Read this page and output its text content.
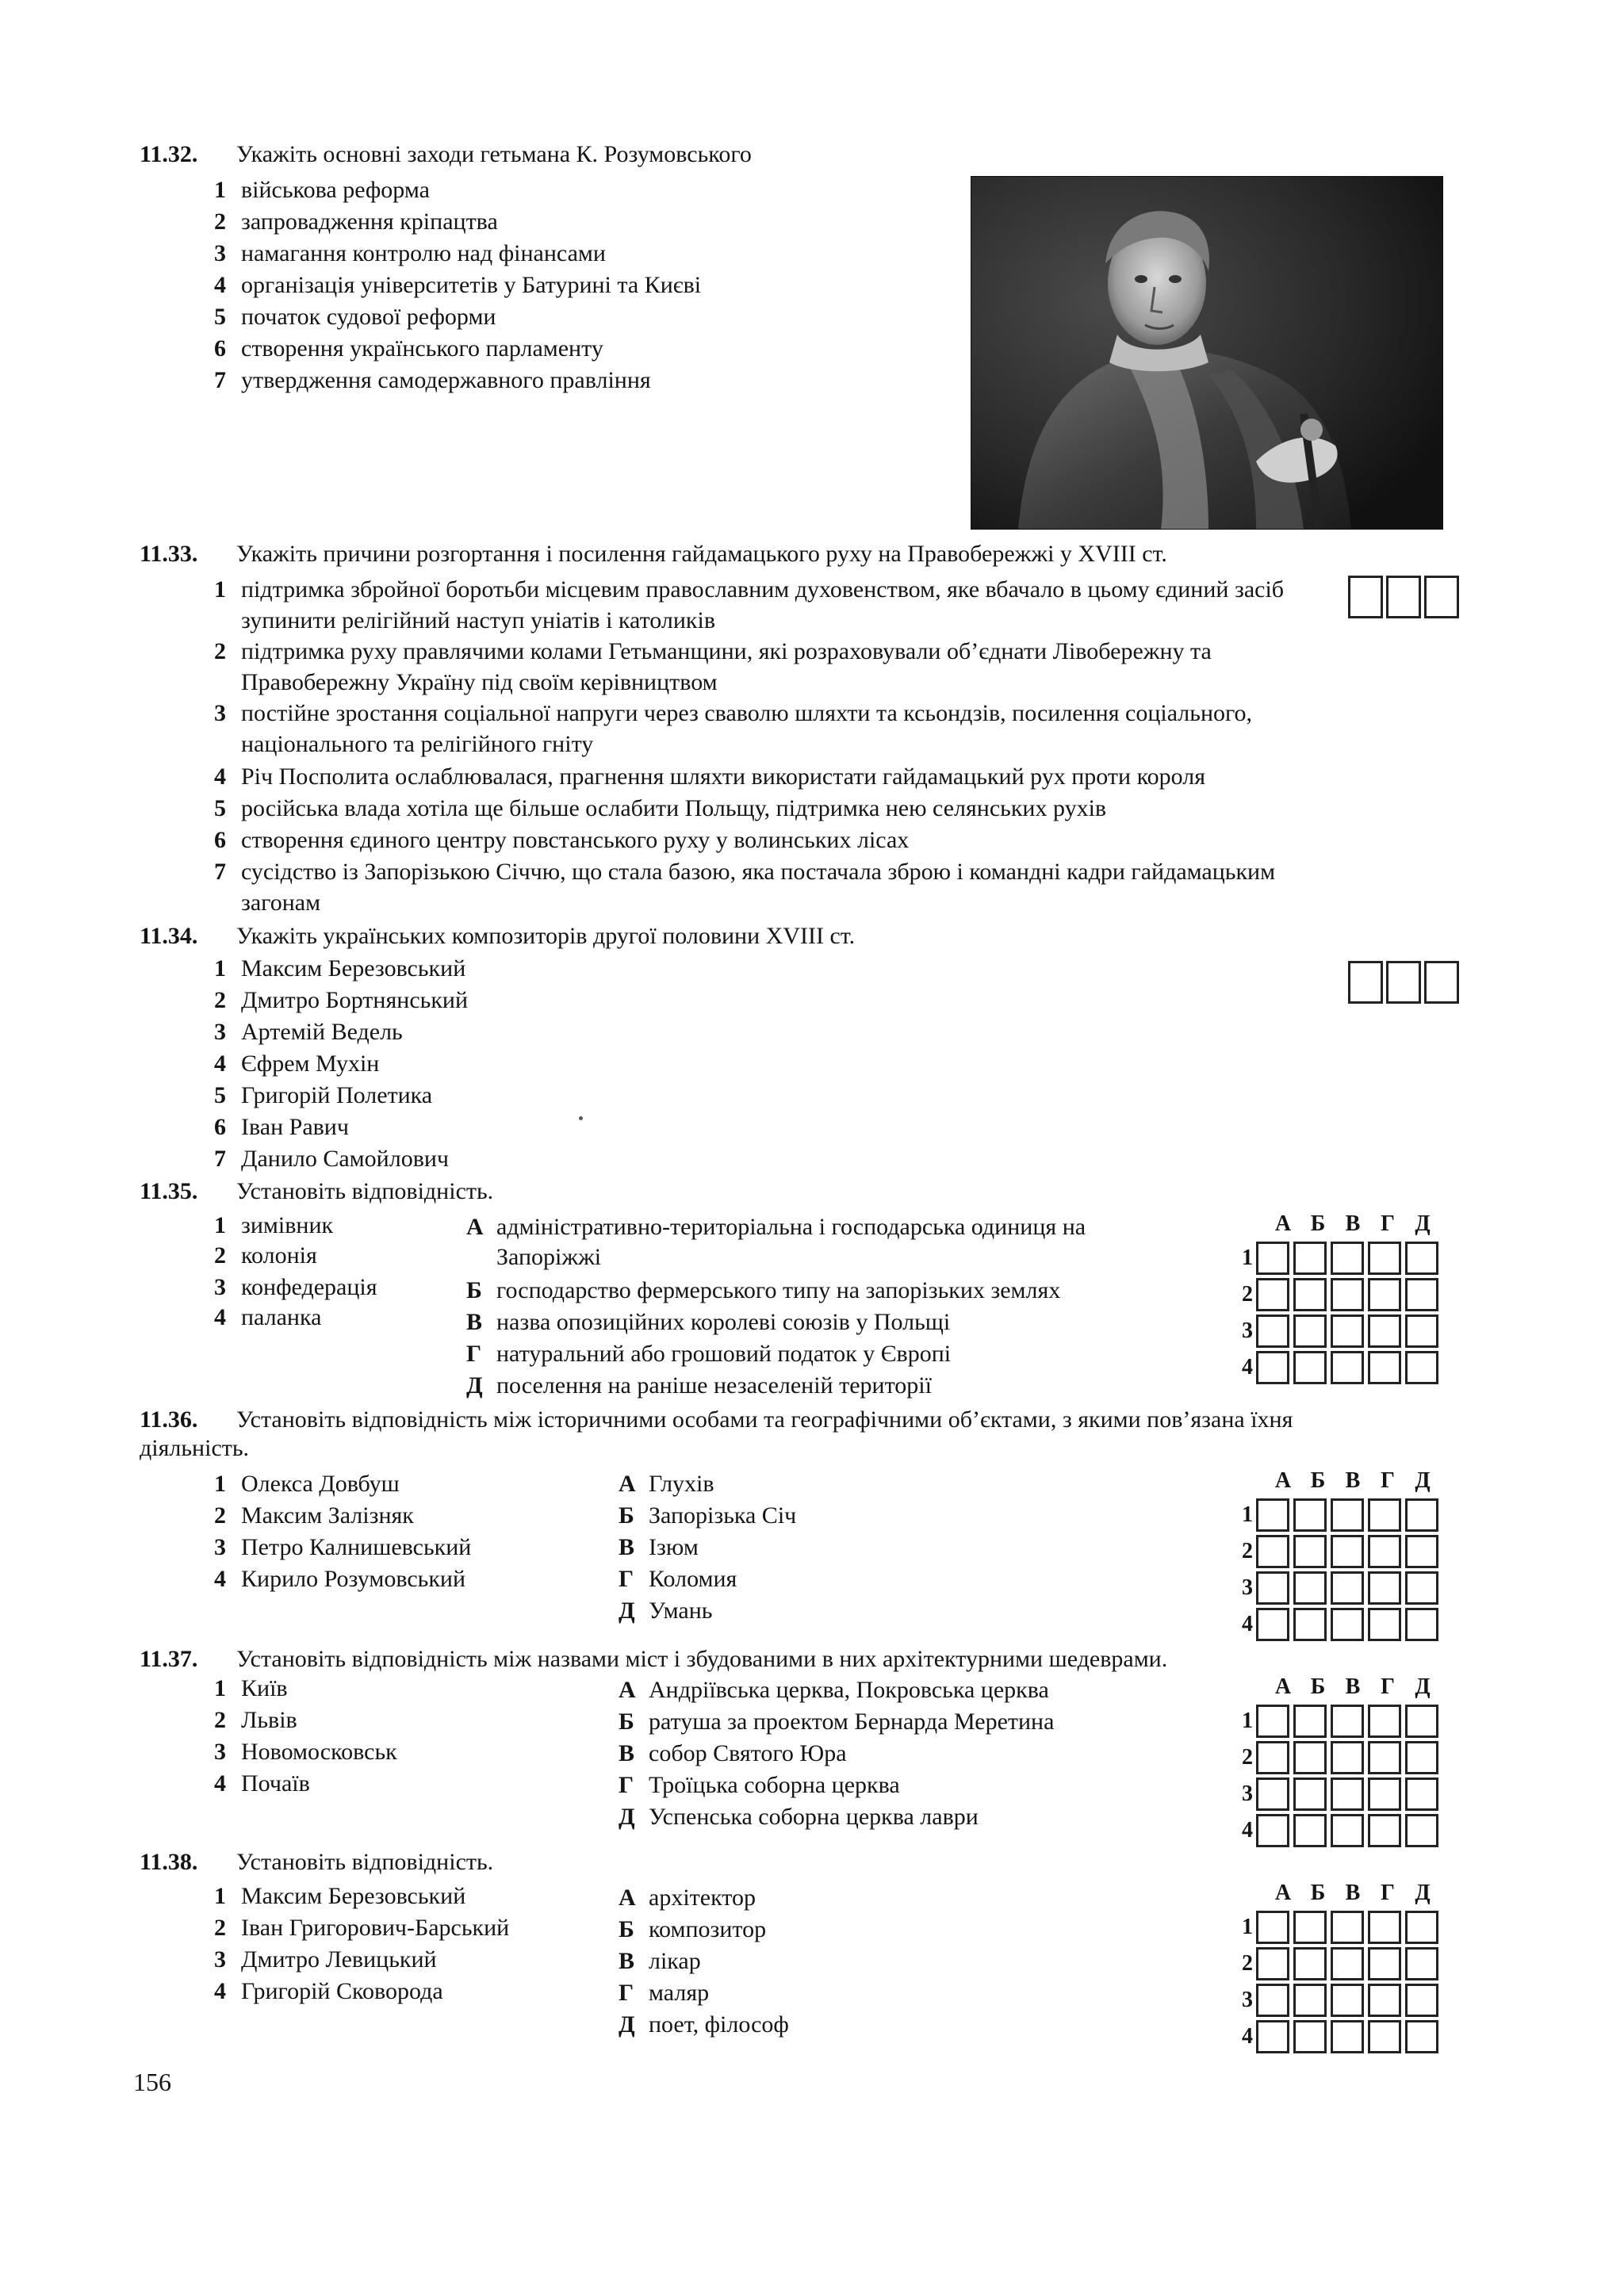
11.32. Укажіть основні заходи гетьмана К. Розумовського
1 військова реформа
2 запровадження кріпацтва
3 намагання контролю над фінансами
4 організація університетів у Батурині та Києві
5 початок судової реформи
6 створення українського парламенту
7 утвердження самодержавного правління
11.33. Укажіть причини розгортання і посилення гайдамацького руху на Правобережжі у XVIII ст.
1 підтримка збройної боротьби місцевим православним духовенством, яке вбачало в цьому єдиний засіб зупинити релігійний наступ уніатів і католиків
2 підтримка руху правлячими колами Гетьманщини, які розраховували об’єднати Лівобережну та Правобережну Україну під своїм керівництвом
3 постійне зростання соціальної напруги через сваволю шляхти та ксьондзів, посилення соціального, національного та релігійного гніту
4 Річ Посполита ослаблювалася, прагнення шляхти використати гайдамацький рух проти короля
5 російська влада хотіла ще більше ослабити Польщу, підтримка нею селянських рухів
6 створення єдиного центру повстанського руху у волинських лісах
7 сусідство із Запорізькою Січчю, що стала базою, яка постачала зброю і командні кадри гайдамацьким загонам
11.34. Укажіть українських композиторів другої половини XVIII ст.
1 Максим Березовський
2 Дмитро Бортнянський
3 Артемій Ведель
4 Єфрем Мухін
5 Григорій Полетика
6 Іван Равич
7 Данило Самойлович
11.35. Установіть відповідність.
1 зимівник
2 колонія
3 конфедерація
4 паланка
А адміністративно-територіальна і господарська одиниця на
Запоріжжі
Б господарство фермерського типу на запорізьких землях
В назва опозиційних королеві союзів у Польщі
Г натуральний або грошовий податок у Європі
Д поселення на раніше незаселеній території
А Б В Г Д
1
2
3
4
11.36. Установіть відповідність між історичними особами та географічними об’єктами, з якими пов’язана їхня
діяльність.
1 Олекса Довбуш
2 Максим Залізняк
3 Петро Калнишевський
4 Кирило Розумовський
А Глухів
Б Запорізька Січ
В Ізюм
Г Коломия
Д Умань
А Б В Г Д
1
2
3
4
11.37. Установіть відповідність між назвами міст і збудованими в них архітектурними шедеврами.
1 Київ
2 Львів
3 Новомосковськ
4 Почаїв
А Андріївська церква, Покровська церква
Б ратуша за проектом Бернарда Меретина
В собор Святого Юра
Г Троїцька соборна церква
Д Успенська соборна церква лаври
А Б В Г Д
1
2
3
4
11.38. Установіть відповідність.
1 Максим Березовський
2 Іван Григорович-Барський
3 Дмитро Левицький
4 Григорій Сковорода
А архітектор
Б композитор
В лікар
Г маляр
Д поет, філософ
А Б В Г Д
1
2
3
4
156
